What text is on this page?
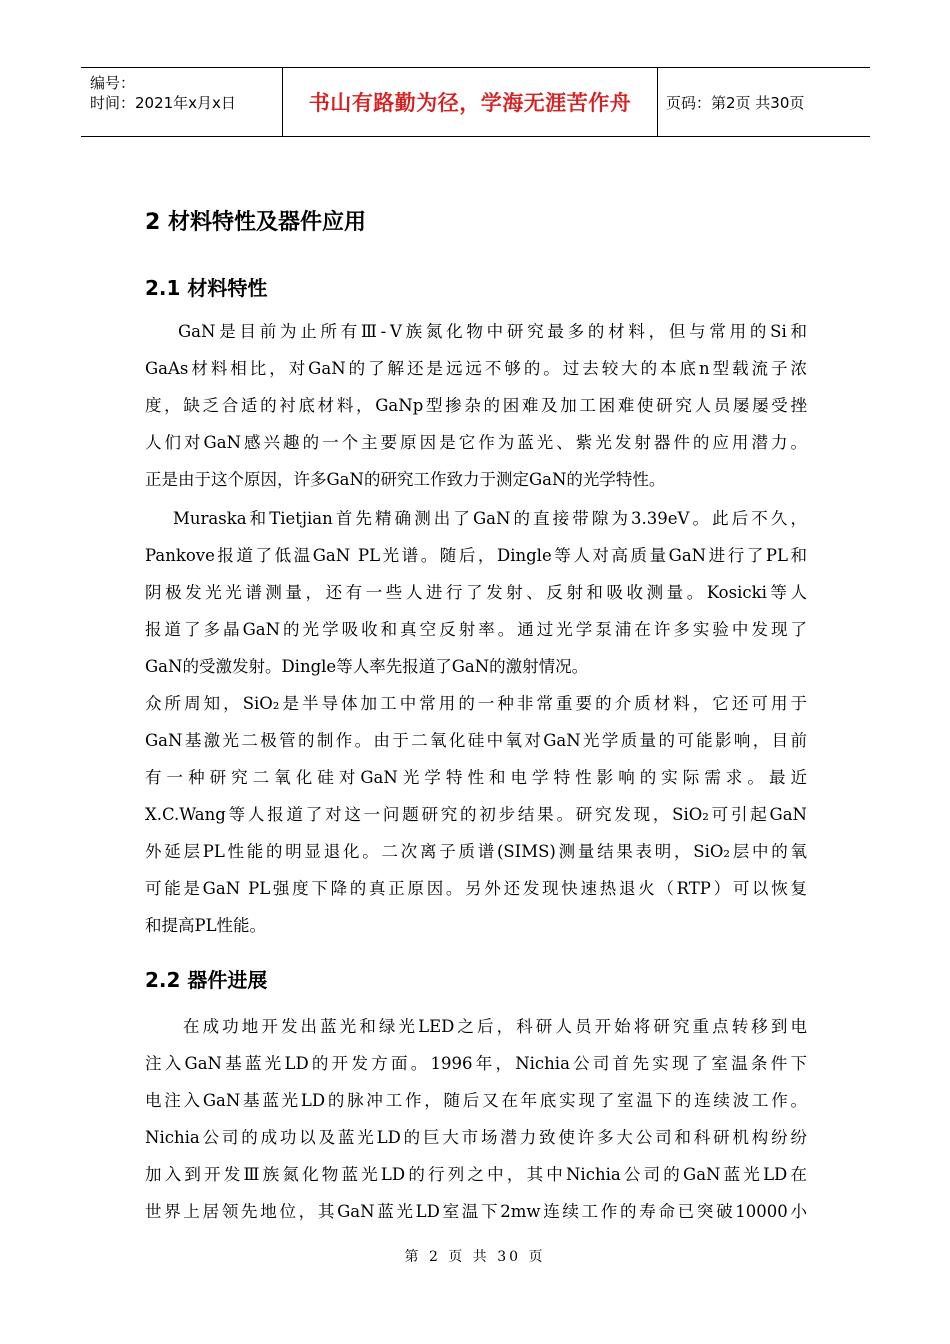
编号：
时间：2021年x月x日	书山有路勤为径，学海无涯苦作舟 页码：第2页 共30页
2 材料特性及器件应用
2.1 材料特性
GaN是目前为止所有Ⅲ-Ⅴ族氮化物中研究最多的材料，但与常用的Si和
GaAs材料相比，对GaN的了解还是远远不够的。过去较大的本底n型载流子浓
度，缺乏合适的衬底材料，GaNp型掺杂的困难及加工困难使研究人员屡屡受挫
人们对GaN感兴趣的一个主要原因是它作为蓝光、紫光发射器件的应用潜力。
正是由于这个原因，许多GaN的研究工作致力于测定GaN的光学特性。
Muraska和Tietjian首先精确测出了GaN的直接带隙为3.39eV。此后不久，
Pankove报道了低温GaN PL光谱。随后，Dingle等人对高质量GaN进行了PL和
阴极发光光谱测量，还有一些人进行了发射、反射和吸收测量。Kosicki等人
报道了多晶GaN的光学吸收和真空反射率。通过光学泵浦在许多实验中发现了
GaN的受激发射。Dingle等人率先报道了GaN的激射情况。
众所周知，SiO₂是半导体加工中常用的一种非常重要的介质材料，它还可用于
GaN基激光二极管的制作。由于二氧化硅中氧对GaN光学质量的可能影响，目前
有一种研究二氧化硅对GaN光学特性和电学特性影响的实际需求。最近
X.C.Wang等人报道了对这一问题研究的初步结果。研究发现，SiO₂可引起GaN
外延层PL性能的明显退化。二次离子质谱(SIMS)测量结果表明，SiO₂层中的氧
可能是GaN PL强度下降的真正原因。另外还发现快速热退火（RTP）可以恢复
和提高PL性能。
2.2 器件进展
在成功地开发出蓝光和绿光LED之后，科研人员开始将研究重点转移到电
注入GaN基蓝光LD的开发方面。1996年，Nichia公司首先实现了室温条件下
电注入GaN基蓝光LD的脉冲工作，随后又在年底实现了室温下的连续波工作。
Nichia公司的成功以及蓝光LD的巨大市场潜力致使许多大公司和科研机构纷纷
加入到开发Ⅲ族氮化物蓝光LD的行列之中，其中Nichia公司的GaN蓝光LD在
世界上居领先地位，其GaN蓝光LD室温下2mw连续工作的寿命已突破10000小
第 2 页 共 30 页
